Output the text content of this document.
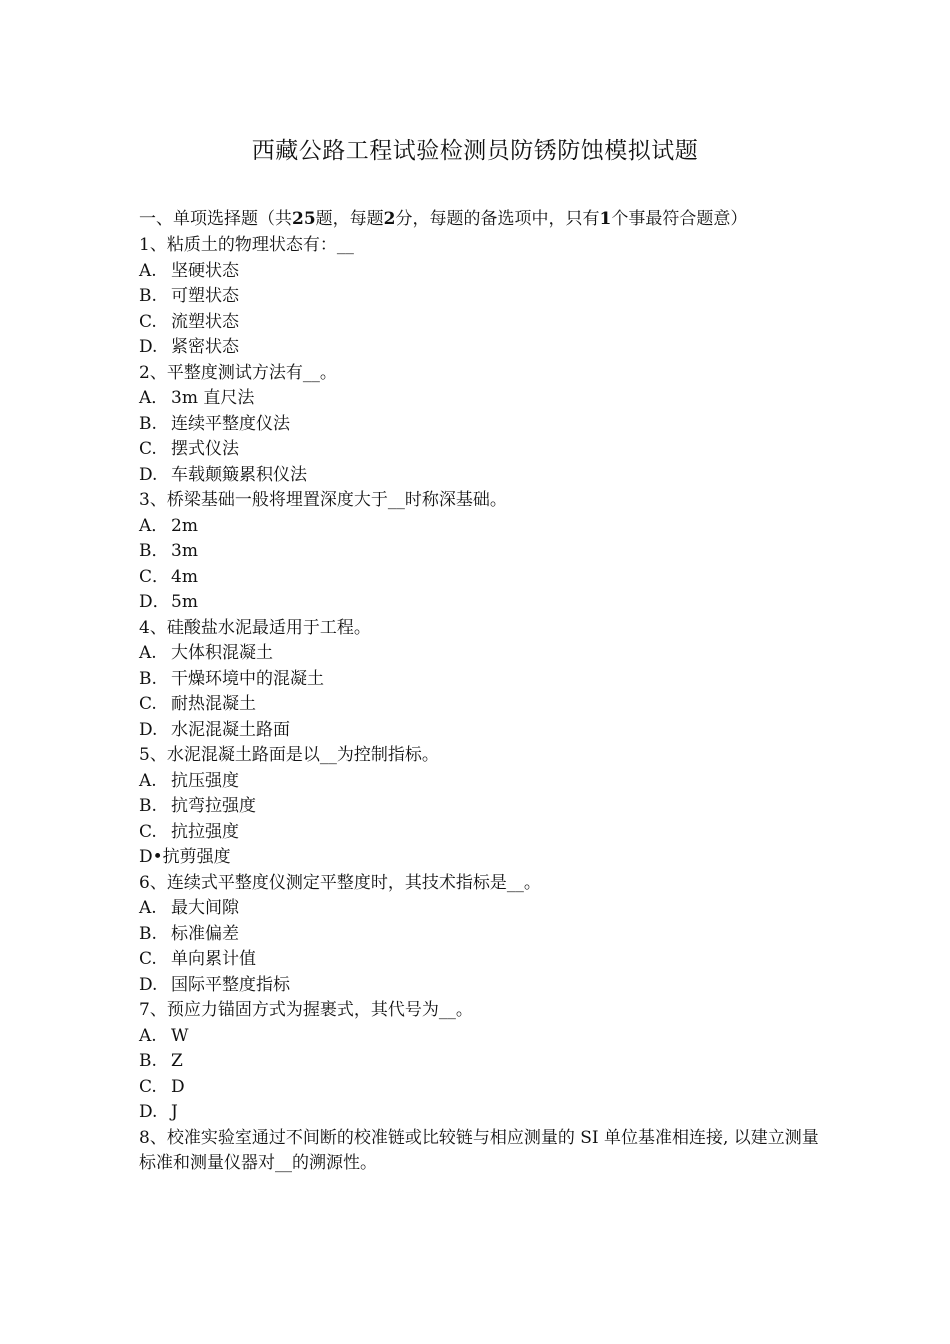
西藏公路工程试验检测员防锈防蚀模拟试题
一、单项选择题（共25题，每题2分，每题的备选项中，只有1个事最符合题意）
1、粘质土的物理状态有：__
A. 坚硬状态
B. 可塑状态
C. 流塑状态
D. 紧密状态
2、平整度测试方法有__。
A． 3m 直尺法
B. 连续平整度仪法
C. 摆式仪法
D. 车载颠簸累积仪法
3、桥梁基础一般将埋置深度大于__时称深基础。
A． 2m
B． 3m
C． 4m
D． 5m
4、硅酸盐水泥最适用于工程。
A. 大体积混凝土
B. 干燥环境中的混凝土
C. 耐热混凝土
D. 水泥混凝土路面
5、水泥混凝土路面是以__为控制指标。
A. 抗压强度
B. 抗弯拉强度
C. 抗拉强度
D• 抗剪强度
6、连续式平整度仪测定平整度时，其技术指标是__。
A. 最大间隙
B. 标准偏差
C. 单向累计值
D. 国际平整度指标
7、预应力锚固方式为握裹式，其代号为__。
A. W
B. Z
C. D
D. J
8、校准实验室通过不间断的校准链或比较链与相应测量的 SI 单位基准相连接, 以建立测量标准和测量仪器对__的溯源性。
